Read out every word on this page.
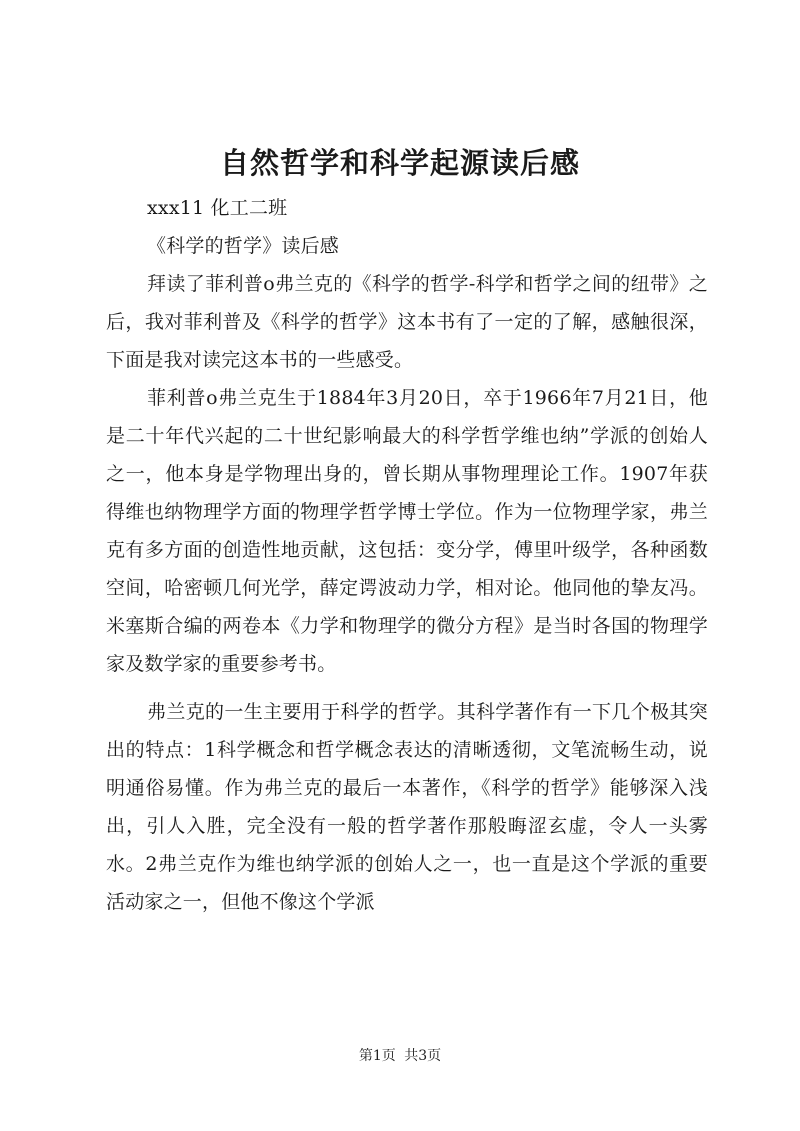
自然哲学和科学起源读后感

xxx11 化工二班

《科学的哲学》读后感

拜读了菲利普o弗兰克的《科学的哲学-科学和哲学之间的纽带》之后，我对菲利普及《科学的哲学》这本书有了一定的了解，感触很深，下面是我对读完这本书的一些感受。

菲利普o弗兰克生于1884年3月20日，卒于1966年7月21日，他是二十年代兴起的二十世纪影响最大的科学哲学维也纳”学派的创始人之一，他本身是学物理出身的，曾长期从事物理理论工作。1907年获得维也纳物理学方面的物理学哲学博士学位。作为一位物理学家，弗兰克有多方面的创造性地贡献，这包括：变分学，傅里叶级学，各种函数空间，哈密顿几何光学，薛定谔波动力学，相对论。他同他的挚友冯。米塞斯合编的两卷本《力学和物理学的微分方程》是当时各国的物理学家及数学家的重要参考书。

弗兰克的一生主要用于科学的哲学。其科学著作有一下几个极其突出的特点：1科学概念和哲学概念表达的清晰透彻，文笔流畅生动，说明通俗易懂。作为弗兰克的最后一本著作，《科学的哲学》能够深入浅出，引人入胜，完全没有一般的哲学著作那般晦涩玄虚，令人一头雾水。2弗兰克作为维也纳学派的创始人之一，也一直是这个学派的重要活动家之一，但他不像这个学派

第1页 共3页
